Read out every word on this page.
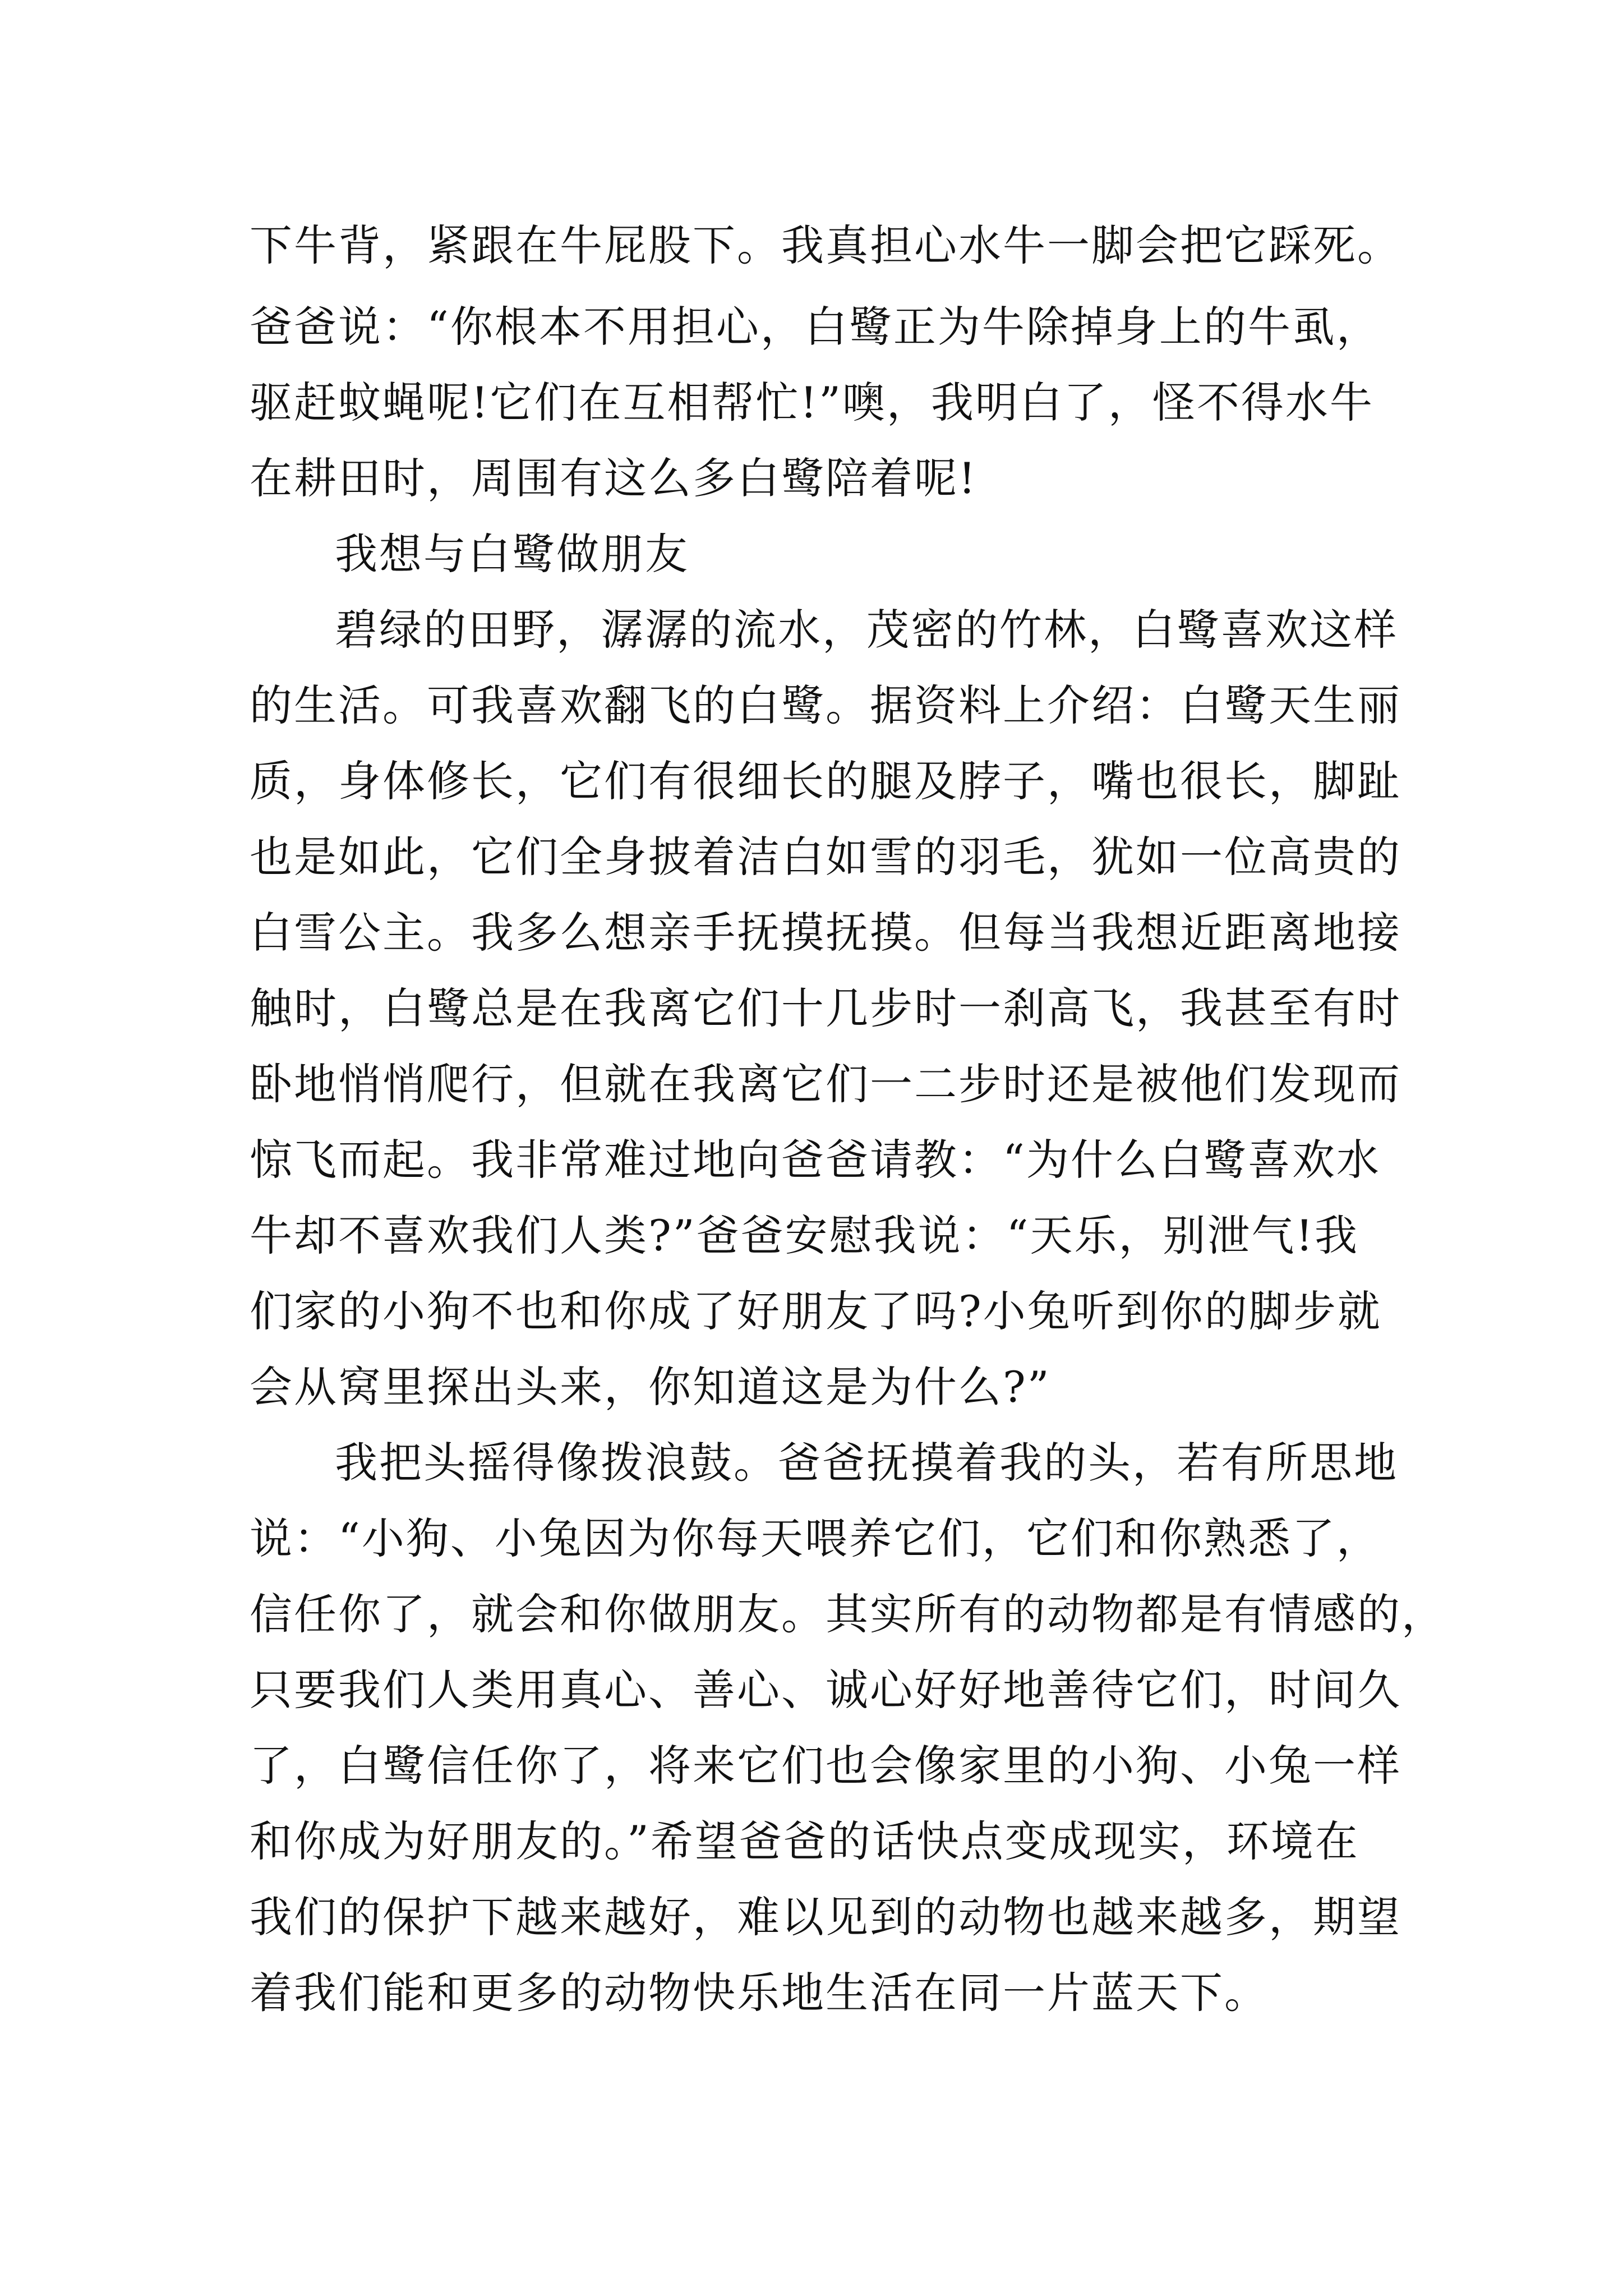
下牛背，紧跟在牛屁股下。我真担心水牛一脚会把它踩死。

爸爸说：“你根本不用担心，白鹭正为牛除掉身上的牛虱，

驱赶蚊蝇呢!它们在互相帮忙!”噢，我明白了，怪不得水牛

在耕田时，周围有这么多白鹭陪着呢!

我想与白鹭做朋友

碧绿的田野，潺潺的流水，茂密的竹林，白鹭喜欢这样

的生活。可我喜欢翻飞的白鹭。据资料上介绍：白鹭天生丽

质，身体修长，它们有很细长的腿及脖子，嘴也很长，脚趾

也是如此，它们全身披着洁白如雪的羽毛，犹如一位高贵的

白雪公主。我多么想亲手抚摸抚摸。但每当我想近距离地接

触时，白鹭总是在我离它们十几步时一刹高飞，我甚至有时

卧地悄悄爬行，但就在我离它们一二步时还是被他们发现而

惊飞而起。我非常难过地向爸爸请教：“为什么白鹭喜欢水

牛却不喜欢我们人类?”爸爸安慰我说：“天乐，别泄气!我

们家的小狗不也和你成了好朋友了吗?小兔听到你的脚步就

会从窝里探出头来，你知道这是为什么?”

我把头摇得像拨浪鼓。爸爸抚摸着我的头，若有所思地

说：“小狗、小兔因为你每天喂养它们，它们和你熟悉了，

信任你了，就会和你做朋友。其实所有的动物都是有情感的，

只要我们人类用真心、善心、诚心好好地善待它们，时间久

了，白鹭信任你了，将来它们也会像家里的小狗、小兔一样

和你成为好朋友的。”希望爸爸的话快点变成现实，环境在

我们的保护下越来越好，难以见到的动物也越来越多，期望

着我们能和更多的动物快乐地生活在同一片蓝天下。
